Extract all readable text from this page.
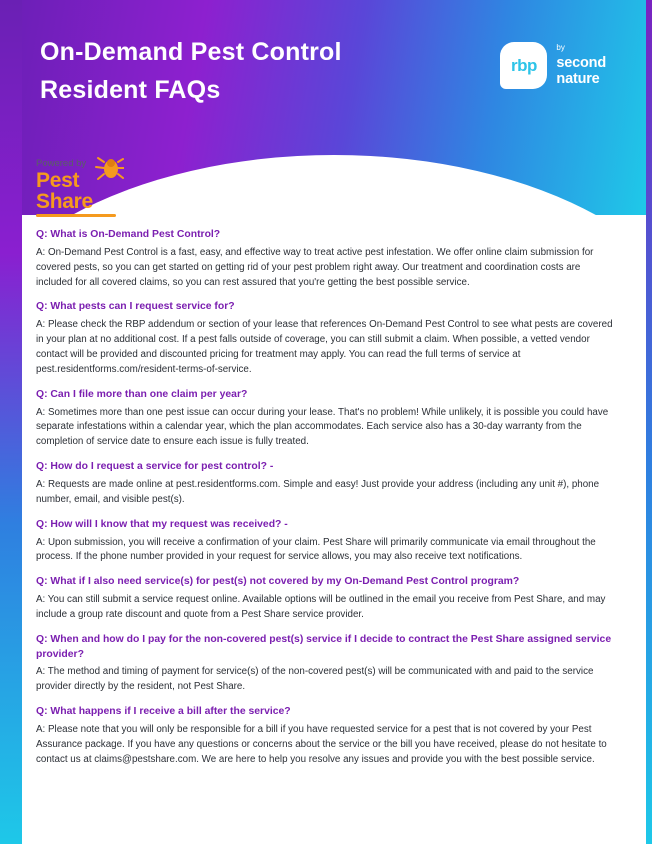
On-Demand Pest Control
Resident FAQs
rbp
by
second
nature
Powered by
Pest
Share

Q: What is On-Demand Pest Control?

A: On-Demand Pest Control is a fast, easy, and effective way to treat active pest infestation. We offer online claim submission for covered pests, so you can get started on getting rid of your pest problem right away. Our treatment and coordination costs are included for all covered claims, so you can rest assured that you're getting the best possible service.

Q: What pests can I request service for?

A: Please check the RBP addendum or section of your lease that references On-Demand Pest Control to see what pests are covered in your plan at no additional cost. If a pest falls outside of coverage, you can still submit a claim. When possible, a vetted vendor contact will be provided and discounted pricing for treatment may apply. You can read the full terms of service at pest.residentforms.com/resident-terms-of-service.

Q: Can I file more than one claim per year?

A: Sometimes more than one pest issue can occur during your lease. That's no problem! While unlikely, it is possible you could have separate infestations within a calendar year, which the plan accommodates. Each service also has a 30-day warranty from the completion of service date to ensure each issue is fully treated.

Q: How do I request a service for pest control? -

A: Requests are made online at pest.residentforms.com. Simple and easy! Just provide your address (including any unit #), phone number, email, and visible pest(s).

Q: How will I know that my request was received? -

A: Upon submission, you will receive a confirmation of your claim. Pest Share will primarily communicate via email throughout the process. If the phone number provided in your request for service allows, you may also receive text notifications.

Q: What if I also need service(s) for pest(s) not covered by my On-Demand Pest Control program?

A: You can still submit a service request online. Available options will be outlined in the email you receive from Pest Share, and may include a group rate discount and quote from a Pest Share service provider.

Q: When and how do I pay for the non-covered pest(s) service if I decide to contract the Pest Share assigned service provider?

A: The method and timing of payment for service(s) of the non-covered pest(s) will be communicated with and paid to the service provider directly by the resident, not Pest Share.

Q: What happens if I receive a bill after the service?

A: Please note that you will only be responsible for a bill if you have requested service for a pest that is not covered by your Pest Assurance package. If you have any questions or concerns about the service or the bill you have received, please do not hesitate to contact us at claims@pestshare.com. We are here to help you resolve any issues and provide you with the best possible service.
